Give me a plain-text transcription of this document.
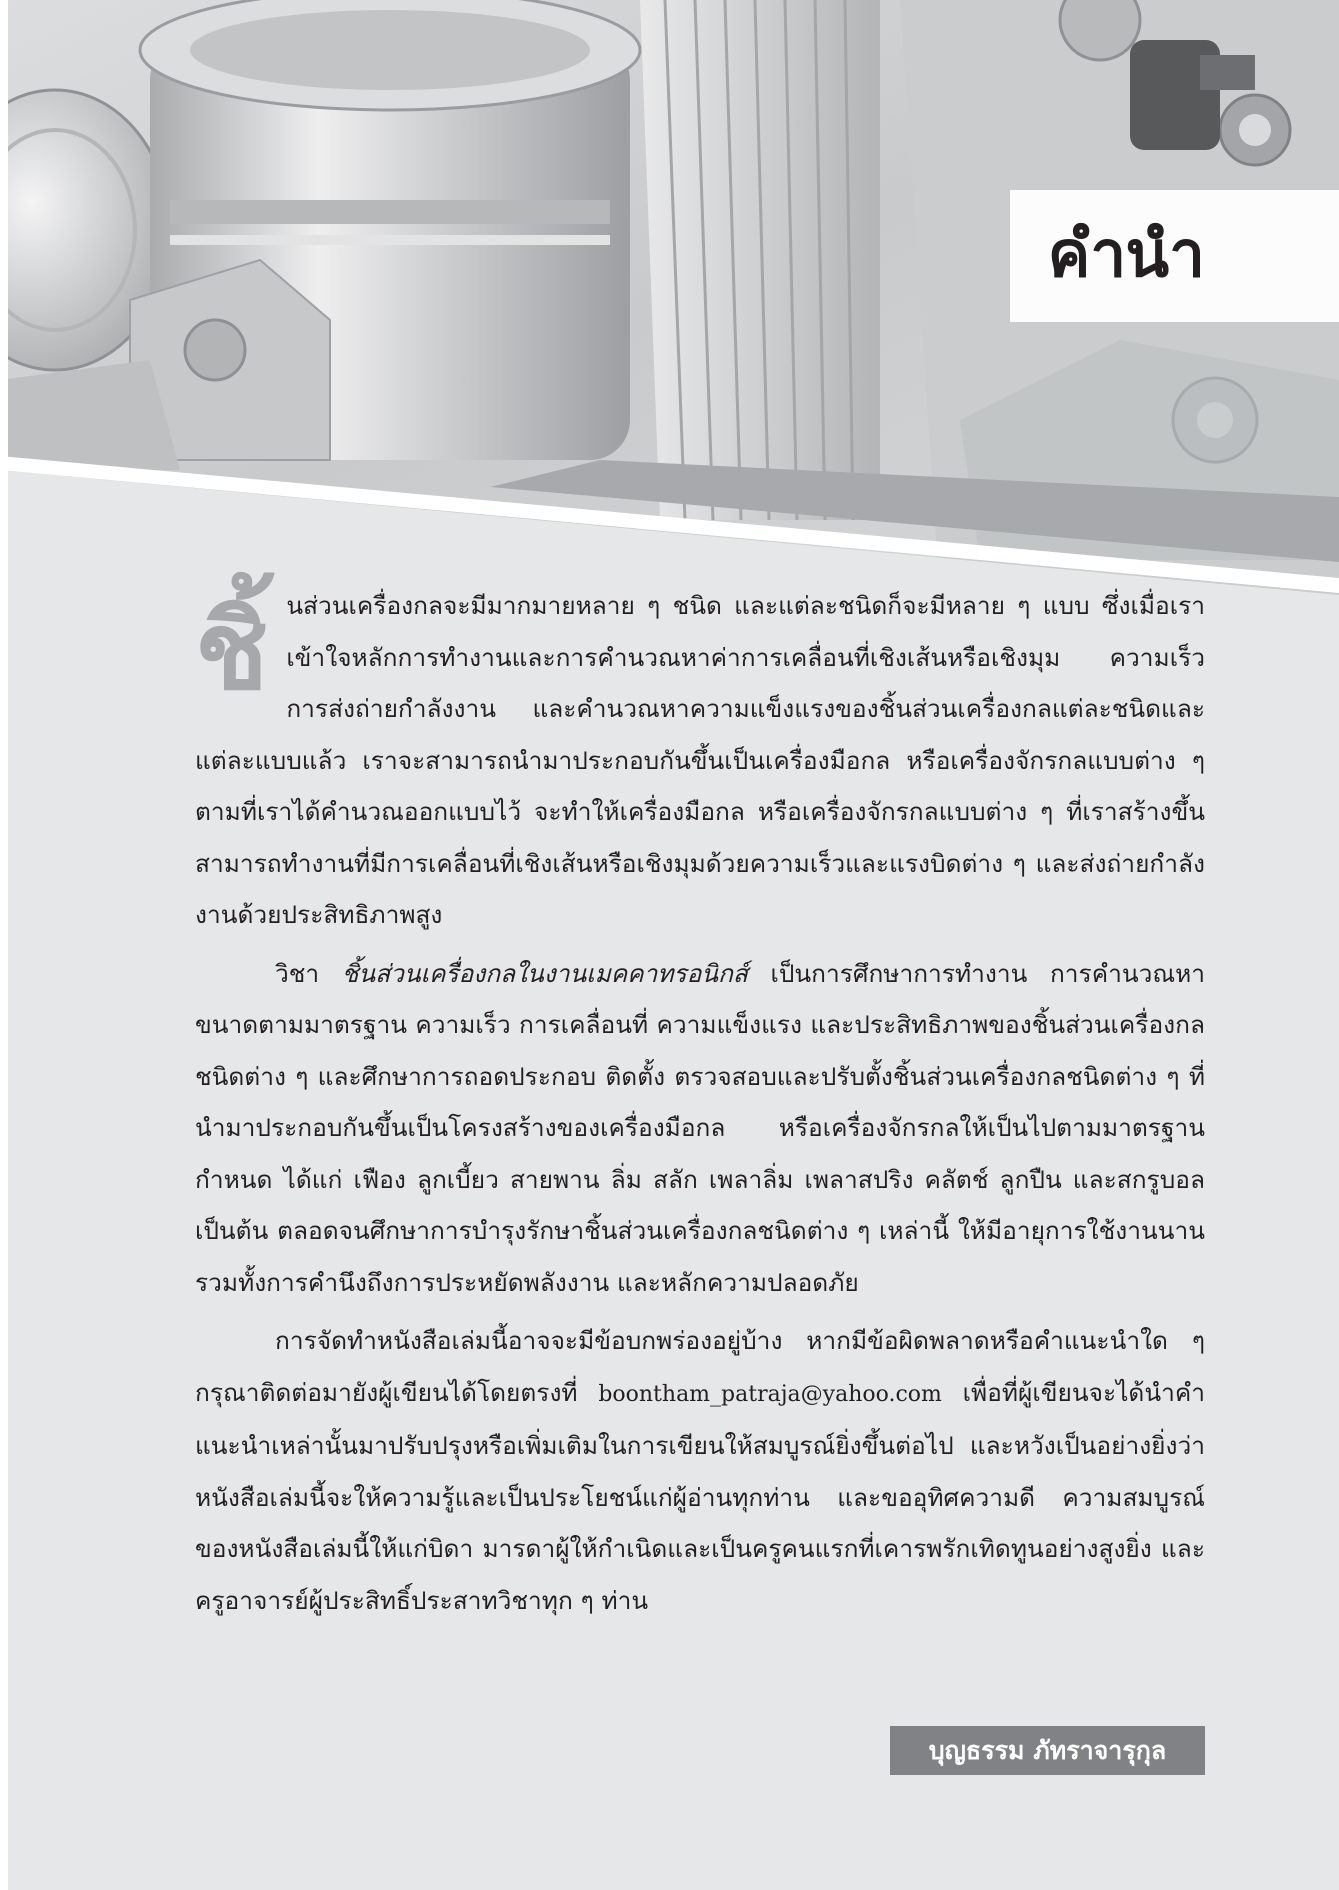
คำนำ

ชิ้นส่วนเครื่องกลจะมีมากมายหลาย ๆ ชนิด และแต่ละชนิดก็จะมีหลาย ๆ แบบ ซึ่งเมื่อเราเข้าใจหลักการทำงานและการคำนวณหาค่าการเคลื่อนที่เชิงเส้นหรือเชิงมุม ความเร็ว การส่งถ่ายกำลังงาน และคำนวณหาความแข็งแรงของชิ้นส่วนเครื่องกลแต่ละชนิดและแต่ละแบบแล้ว เราจะสามารถนำมาประกอบกันขึ้นเป็นเครื่องมือกล หรือเครื่องจักรกลแบบต่าง ๆ ตามที่เราได้คำนวณออกแบบไว้ จะทำให้เครื่องมือกล หรือเครื่องจักรกลแบบต่าง ๆ ที่เราสร้างขึ้นสามารถทำงานที่มีการเคลื่อนที่เชิงเส้นหรือเชิงมุมด้วยความเร็วและแรงบิดต่าง ๆ และส่งถ่ายกำลังงานด้วยประสิทธิภาพสูง

วิชา ชิ้นส่วนเครื่องกลในงานเมคคาทรอนิกส์ เป็นการศึกษาการทำงาน การคำนวณหาขนาดตามมาตรฐาน ความเร็ว การเคลื่อนที่ ความแข็งแรง และประสิทธิภาพของชิ้นส่วนเครื่องกลชนิดต่าง ๆ และศึกษาการถอดประกอบ ติดตั้ง ตรวจสอบและปรับตั้งชิ้นส่วนเครื่องกลชนิดต่าง ๆ ที่นำมาประกอบกันขึ้นเป็นโครงสร้างของเครื่องมือกล หรือเครื่องจักรกลให้เป็นไปตามมาตรฐานกำหนด ได้แก่ เฟือง ลูกเบี้ยว สายพาน ลิ่ม สลัก เพลาลิ่ม เพลาสปริง คลัตช์ ลูกปืน และสกรูบอล เป็นต้น ตลอดจนศึกษาการบำรุงรักษาชิ้นส่วนเครื่องกลชนิดต่าง ๆ เหล่านี้ ให้มีอายุการใช้งานนาน รวมทั้งการคำนึงถึงการประหยัดพลังงาน และหลักความปลอดภัย

การจัดทำหนังสือเล่มนี้อาจจะมีข้อบกพร่องอยู่บ้าง หากมีข้อผิดพลาดหรือคำแนะนำใด ๆ กรุณาติดต่อมายังผู้เขียนได้โดยตรงที่ boontham_patraja@yahoo.com เพื่อที่ผู้เขียนจะได้นำคำแนะนำเหล่านั้นมาปรับปรุงหรือเพิ่มเติมในการเขียนให้สมบูรณ์ยิ่งขึ้นต่อไป และหวังเป็นอย่างยิ่งว่าหนังสือเล่มนี้จะให้ความรู้และเป็นประโยชน์แก่ผู้อ่านทุกท่าน และขออุทิศความดี ความสมบูรณ์ของหนังสือเล่มนี้ให้แก่บิดา มารดาผู้ให้กำเนิดและเป็นครูคนแรกที่เคารพรักเทิดทูนอย่างสูงยิ่ง และครูอาจารย์ผู้ประสิทธิ์ประสาทวิชาทุก ๆ ท่าน

บุญธรรม ภัทราจารุกุล
